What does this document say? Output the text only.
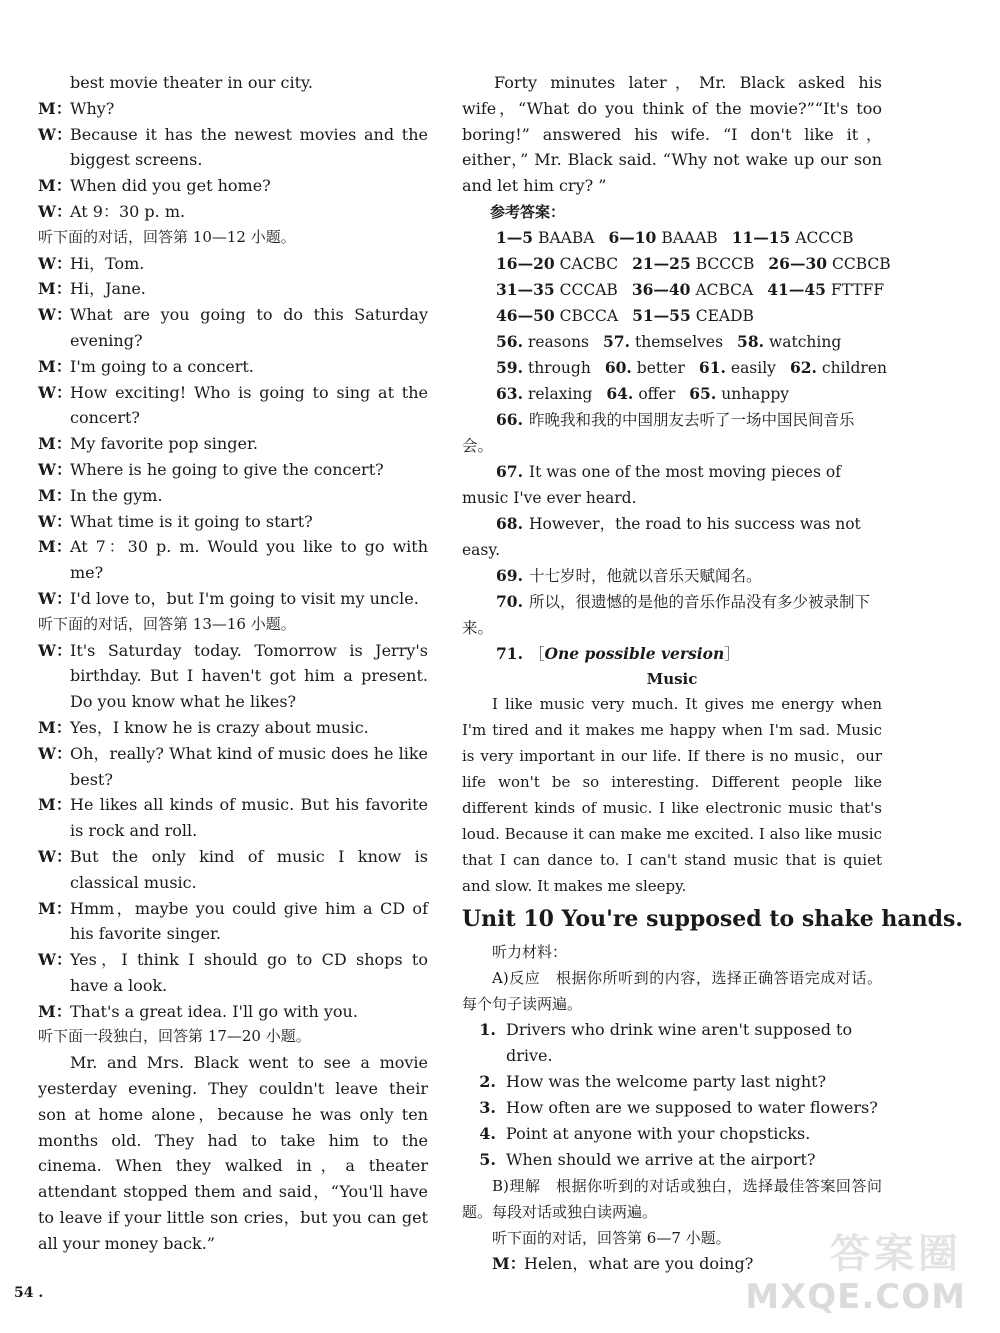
best movie theater in our city.

M：
Why?
W：
Because it has the newest movies and the biggest screens.
M：
When did you get home?
W：
At 9：30 p. m.

听下面的对话，回答第 10—12 小题。

W：
Hi，Tom.
M：
Hi，Jane.
W：
What are you going to do this Saturday evening?
M：
I'm going to a concert.
W：
How exciting! Who is going to sing at the concert?
M：
My favorite pop singer.
W：
Where is he going to give the concert?
M：
In the gym.
W：
What time is it going to start?
M：
At 7：30 p. m. Would you like to go with me?
W：
I'd love to，but I'm going to visit my uncle.

听下面的对话，回答第 13—16 小题。

W：
It's Saturday today. Tomorrow is Jerry's birthday. But I haven't got him a present. Do you know what he likes?
M：
Yes，I know he is crazy about music.
W：
Oh，really? What kind of music does he like best?
M：
He likes all kinds of music. But his favorite is rock and roll.
W：
But the only kind of music I know is classical music.
M：
Hmm，maybe you could give him a CD of his favorite singer.
W：
Yes，I think I should go to CD shops to have a look.
M：
That's a great idea. I'll go with you.

听下面一段独白，回答第 17—20 小题。

Mr. and Mrs. Black went to see a movie yesterday evening. They couldn't leave their son at home alone，because he was only ten months old. They had to take him to the cinema. When they walked in，a theater attendant stopped them and said，“You'll have to leave if your little son cries，but you can get all your money back.”

Forty minutes later，Mr. Black asked his wife，“What do you think of the movie?”“It's too boring!” answered his wife. “I don't like it，either，” Mr. Black said. “Why not wake up our son and let him cry? ”

参考答案：

1—5 BAABA 6—10 BAAAB 11—15 ACCCB

16—20 CACBC 21—25 BCCCB 26—30 CCBCB

31—35 CCCAB 36—40 ACBCA 41—45 FTTFF

46—50 CBCCA 51—55 CEADB

56. reasons 57. themselves 58. watching

59. through 60. better 61. easily 62. children

63. relaxing 64. offer 65. unhappy

66. 昨晚我和我的中国朋友去听了一场中国民间音乐会。

67. It was one of the most moving pieces of music I've ever heard.

68. However，the road to his success was not easy.

69. 十七岁时，他就以音乐天赋闻名。

70. 所以，很遗憾的是他的音乐作品没有多少被录制下来。

71. ［One possible version］

Music

I like music very much. It gives me energy when I'm tired and it makes me happy when I'm sad. Music is very important in our life. If there is no music，our life won't be so interesting. Different people like different kinds of music. I like electronic music that's loud. Because it can make me excited. I also like music that I can dance to. I can't stand music that is quiet and slow. It makes me sleepy.

Unit 10 You're supposed to shake hands.

听力材料：

A)反应　根据你所听到的内容，选择正确答语完成对话。每个句子读两遍。

1. Drivers who drink wine aren't supposed to drive.
2. How was the welcome party last night?
3. How often are we supposed to water flowers?
4. Point at anyone with your chopsticks.
5. When should we arrive at the airport?

B)理解　根据你听到的对话或独白，选择最佳答案回答问题。每段对话或独白读两遍。

听下面的对话，回答第 6—7 小题。

M：
Helen，what are you doing?
54 .
答案圈
MXQE.COM
